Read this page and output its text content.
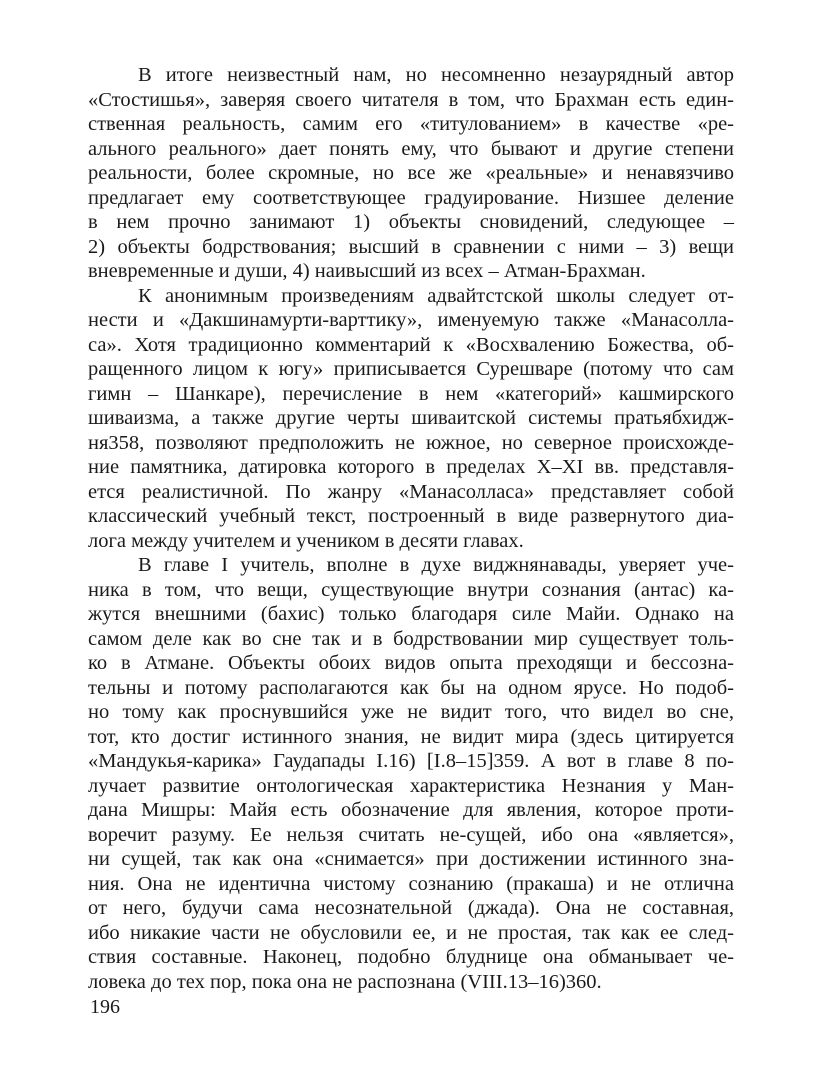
В итоге неизвестный нам, но несомненно незаурядный автор
«Стостишья», заверяя своего читателя в том, что Брахман есть един-
ственная реальность, самим его «титулованием» в качестве «ре-
ального реального» дает понять ему, что бывают и другие степени
реальности, более скромные, но все же «реальные» и ненавязчиво
предлагает ему соответствующее градуирование. Низшее деление
в нем прочно занимают 1) объекты сновидений, следующее –
2) объекты бодрствования; высший в сравнении с ними – 3) вещи
вневременные и души, 4) наивысший из всех – Атман-Брахман.
К анонимным произведениям адвайтстской школы следует от-
нести и «Дакшинамурти-варттику», именуемую также «Манасолла-
са». Хотя традиционно комментарий к «Восхвалению Божества, об-
ращенного лицом к югу» приписывается Сурешваре (потому что сам
гимн – Шанкаре), перечисление в нем «категорий» кашмирского
шиваизма, а также другие черты шиваитской системы пратьябхидж-
ня358, позволяют предположить не южное, но северное происхожде-
ние памятника, датировка которого в пределах X–XI вв. представля-
ется реалистичной. По жанру «Манасолласа» представляет собой
классический учебный текст, построенный в виде развернутого диа-
лога между учителем и учеником в десяти главах.
В главе I учитель, вполне в духе виджнянавады, уверяет уче-
ника в том, что вещи, существующие внутри сознания (антас) ка-
жутся внешними (бахис) только благодаря силе Майи. Однако на
самом деле как во сне так и в бодрствовании мир существует толь-
ко в Атмане. Объекты обоих видов опыта преходящи и бессозна-
тельны и потому располагаются как бы на одном ярусе. Но подоб-
но тому как проснувшийся уже не видит того, что видел во сне,
тот, кто достиг истинного знания, не видит мира (здесь цитируется
«Мандукья-карика» Гаудапады I.16) [I.8–15]359. А вот в главе 8 по-
лучает развитие онтологическая характеристика Незнания у Ман-
дана Мишры: Майя есть обозначение для явления, которое проти-
воречит разуму. Ее нельзя считать не-сущей, ибо она «является»,
ни сущей, так как она «снимается» при достижении истинного зна-
ния. Она не идентична чистому сознанию (пракаша) и не отлична
от него, будучи сама несознательной (джада). Она не составная,
ибо никакие части не обусловили ее, и не простая, так как ее след-
ствия составные. Наконец, подобно блуднице она обманывает че-
ловека до тех пор, пока она не распознана (VIII.13–16)360.
196
